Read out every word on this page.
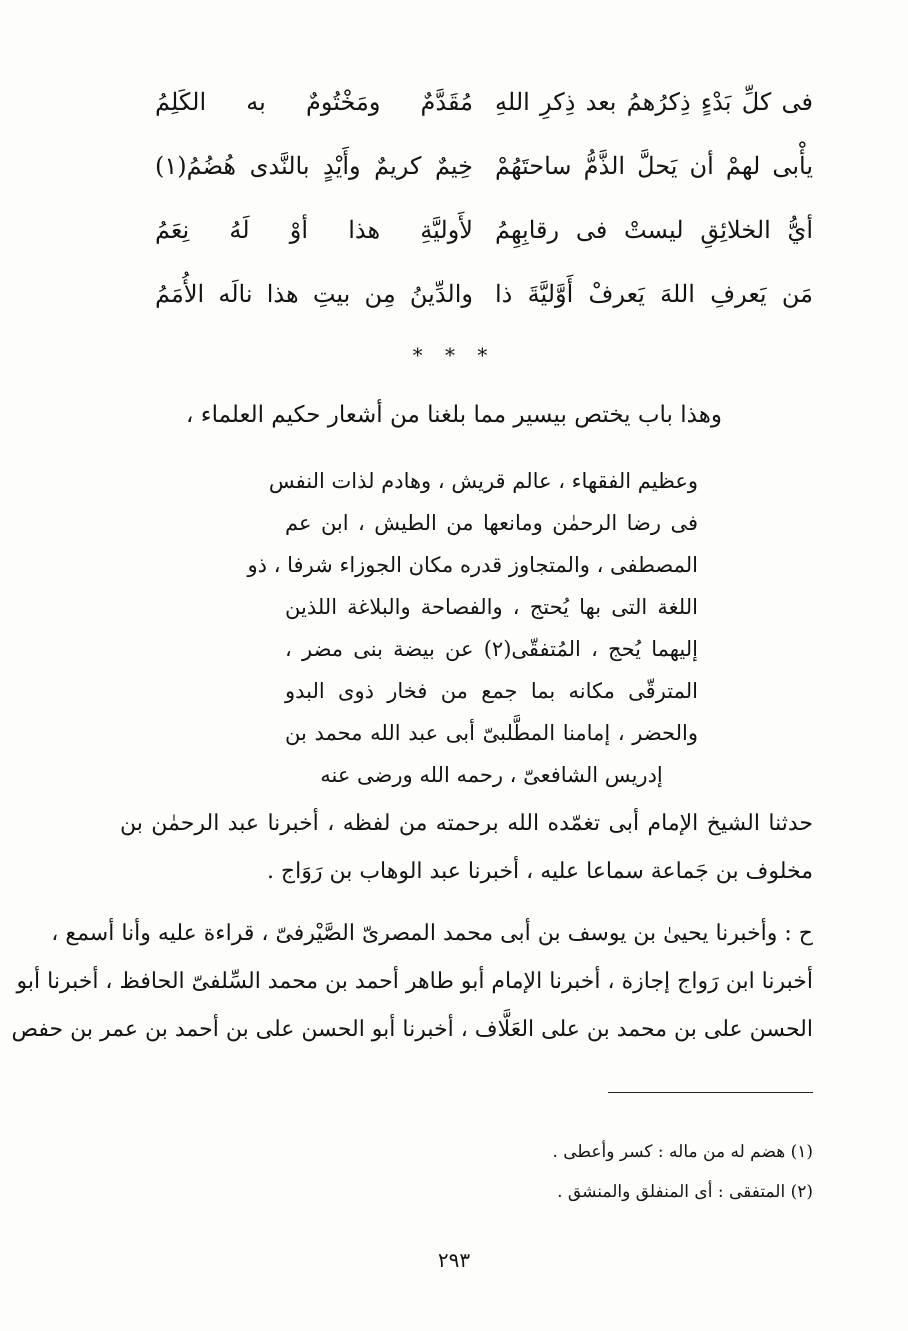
فى كلِّ بَدْءٍ ذِكرُهمُ بعد ذِكرِ اللهِ
مُقَدَّمٌ ومَخْتُومٌ به الكَلِمُ
يأْبى لهمْ أن يَحلَّ الذَّمُّ ساحتَهُمْ
خِيمٌ كريمٌ وأَيْدٍ بالنَّدى هُضُمُ(١)
أيُّ الخلائِقِ ليستْ فى رقابِهِمُ
لأَوليَّةِ هذا أوْ لَهُ نِعَمُ
مَن يَعرفِ اللهَ يَعرفْ أَوَّليَّةَ ذا
والدِّينُ مِن بيتِ هذا نالَه الأُمَمُ
* * *
وهذا باب يختص بيسير مما بلغنا من أشعار حكيم العلماء ،
وعظيم الفقهاء ، عالم قريش ، وهادم لذات النفس
فى رضا الرحمٰن ومانعها من الطيش ، ابن عم
المصطفى ، والمتجاوز قدره مكان الجوزاء شرفا ، ذو
اللغة التى بها يُحتج ، والفصاحة والبلاغة اللذين
إليهما يُحج ، المُتفقّى(٢) عن بيضة بنى مضر ،
المترقّى مكانه بما جمع من فخار ذوى البدو
والحضر ، إمامنا المطَّلبىّ أبى عبد الله محمد بن
إدريس الشافعىّ ، رحمه الله ورضى عنه
حدثنا الشيخ الإمام أبى تغمّده الله برحمته من لفظه ، أخبرنا عبد الرحمٰن بن
مخلوف بن جَماعة سماعا عليه ، أخبرنا عبد الوهاب بن رَوَاج .
ح : وأخبرنا يحيىٰ بن يوسف بن أبى محمد المصرىّ الصَّيْرفىّ ، قراءة عليه وأنا أسمع ،
أخبرنا ابن رَواج إجازة ، أخبرنا الإمام أبو طاهر أحمد بن محمد السِّلفىّ الحافظ ، أخبرنا أبو
الحسن على بن محمد بن على العَلَّاف ، أخبرنا أبو الحسن على بن أحمد بن عمر بن حفص
(١) هضم له من ماله : كسر وأعطى .
(٢) المتفقى : أى المنفلق والمنشق .
٢٩٣
